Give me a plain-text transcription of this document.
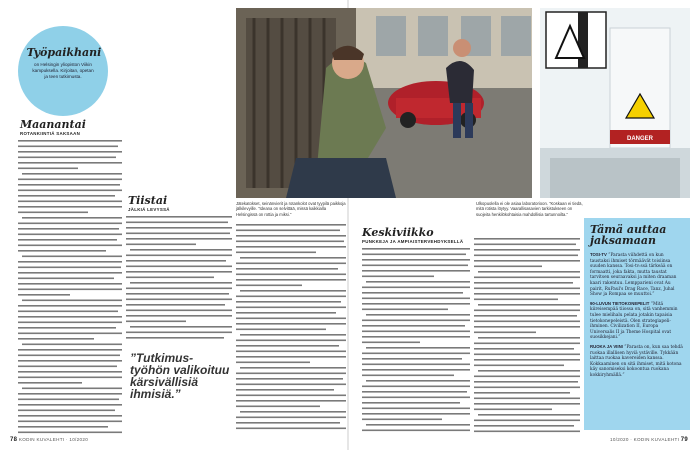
Työpaikhani
on Helsingin yliopiston Viikin kampuksella. Kirjoitan, opetan ja teen tutkimusta.
Maanantai
ROTANKIINTIÄ SAKSAAN
Jätekatokset, seinänvierit ja rotankolot ovat tyypilä paikkoja jälkilevyille. ”Ideana on selvittää, missä kaikkialla Helsingissä on rottia ja miksi.”
Tiistai
JÄLKIÄ LEVYSSÄ
”Tutkimus-työhön valikoituu kärsivällisiä ihmisiä.”
78 KODIN KUVALEHTI · 10/2020
DANGER
Ulkopuolella ei ole asiaa laboratorioon. ”Koskaan ei tiedä, mitä rotista löytyy. Vaarallisasavien tarkistukseen on suojeita henkilökohtaisia mahdollisia tartunnoilta.”
Keskiviikko
PUNKKEJA JA AMPIAISTERVEHDYKSELLÄ
Tämä auttaa jaksamaan

TOSI-TV ”Parasta viihdettä on kun taustaksi ihmiset törmäävät toisiinsa suuden kanssa. Tosi-tv:ssä tärkeää on formaatti, joka fakta, mutta taustat tarvitsen seuraavaksi ja miten draaman kaari rakentuu. Lempparieni ovat Au pairit, RuPaul's Drag Race, Tanz, Juhal Show ja Rompaa se muuttoi.”

90-LUVUN TIETOKONEPELIT ”Mitä kiireisempää tiiossa on, sitä vanhemmin tulee mielihalu pelata jotakin tapaisia tietokonepeleistä. Olen strategiapeli-ihminen. Civilization II, Europa Universalis II ja Theme Hospital ovat suosikkejani.”

RUOKA JA VIINI ”Parasta on, kun saa tehdä ruokaa illallisen hyviä ystäville. Tykkään laittaa ruokaa kavereiden kanssa. Kokkaaminen on sitä ihmiset, mitä kotona käy sanomiseksi kokoontua ruokana kokkiryhmällä.”

10/2020 · KODIN KUVALEHTI 79
